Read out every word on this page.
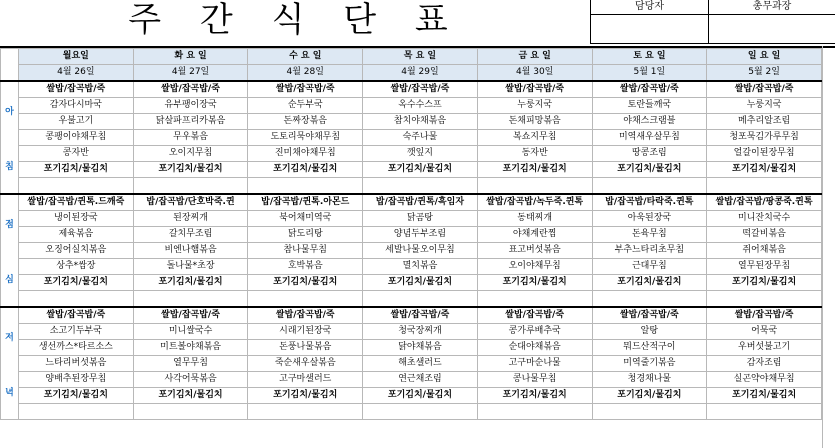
주 간 식 단 표	담당자	총무과장
	월요일	화 요 일	수 요 일	목 요 일	금 요 일	토 요 일	일 요 일
	4월 26일	4월 27일	4월 28일	4월 29일	4월 30일	5월 1일	5월 2일

아
침	쌀밥/잡곡밥/죽	쌀밥/잡곡밥/죽	쌀밥/잡곡밥/죽	쌀밥/잡곡밥/죽	쌀밥/잡곡밥/죽	쌀밥/잡곡밥/죽	쌀밥/잡곡밥/죽
	감자다시마국	유부팽이장국	순두부국	옥수수스프	누룽지국	토란들깨국	누룽지국
	우불고기	닭살파프리카볶음	돈짜장볶음	참치야채볶음	돈채피망볶음	야채스크램블	메추리알조림
	콩팽이야채무침	무우볶음	도토리묵야채무침	숙주나물	복쇼지무침	미역새우살무침	청포묵김가루무침
	콩자반	오이지무침	진미채야채무침	깻잎지	동자반	땅콩조림	얼갈이된장무침
	포기김치/물김치	포기김치/물김치	포기김치/물김치	포기김치/물김치	포기김치/물김치	포기김치/물김치	포기김치/물김치

점
심	쌀밥/잡곡밥/퀸톡.드깨죽	밥/잡곡밥/단호박죽.퀸	밥/잡곡밥/퀸톡.아몬드	밥/잡곡밥/퀸톡/흑임자	쌀밥/잡곡밥/녹두죽.퀸톡	밥/잡곡밥/타락죽.퀸톡	쌀밥/잡곡밥/팡콩죽.퀸톡
	냉이된장국	된장찌개	북어채미역국	닭곰탕	동태찌개	아욱된장국	미니잔치국수
	제육볶음	갈치무조림	닭도리탕	양념두부조림	야채계란찜	돈육무침	떡갈비볶음
	오징어실치볶음	비엔나햄볶음	참나물무침	세발나물오이무침	표고버섯볶음	부추느타리초무침	쥐어채볶음
	상추*쌈장	돌나물*초장	호박볶음	멸치볶음	오이야채무침	근대무침	열무된장무침
	포기김치/물김치	포기김치/물김치	포기김치/물김치	포기김치/물김치	포기김치/물김치	포기김치/물김치	포기김치/물김치

저
녁	쌀밥/잡곡밥/죽	쌀밥/잡곡밥/죽	쌀밥/잡곡밥/죽	쌀밥/잡곡밥/죽	쌀밥/잡곡밥/죽	쌀밥/잡곡밥/죽	쌀밥/잡곡밥/죽
	소고기두부국	미니쌀국수	시래기된장국	청국장찌개	콩가루배추국	알탕	어묵국
	생선까스*타르소스	미트볼야채볶음	돈풍나물볶음	닭야채볶음	순대야채볶음	뭐드산적구이	우버섯불고기
	느타리버섯볶음	열무무침	죽순새우살볶음	해초샐러드	고구마순나물	미역줄기볶음	감자조림
	양배추된장무침	사각어묵볶음	고구마샐러드	연근채조림	콩나물무침	청경채나물	실곤약야채무침
	포기김치/물김치	포기김치/물김치	포기김치/물김치	포기김치/물김치	포기김치/물김치	포기김치/물김치	포기김치/물김치
